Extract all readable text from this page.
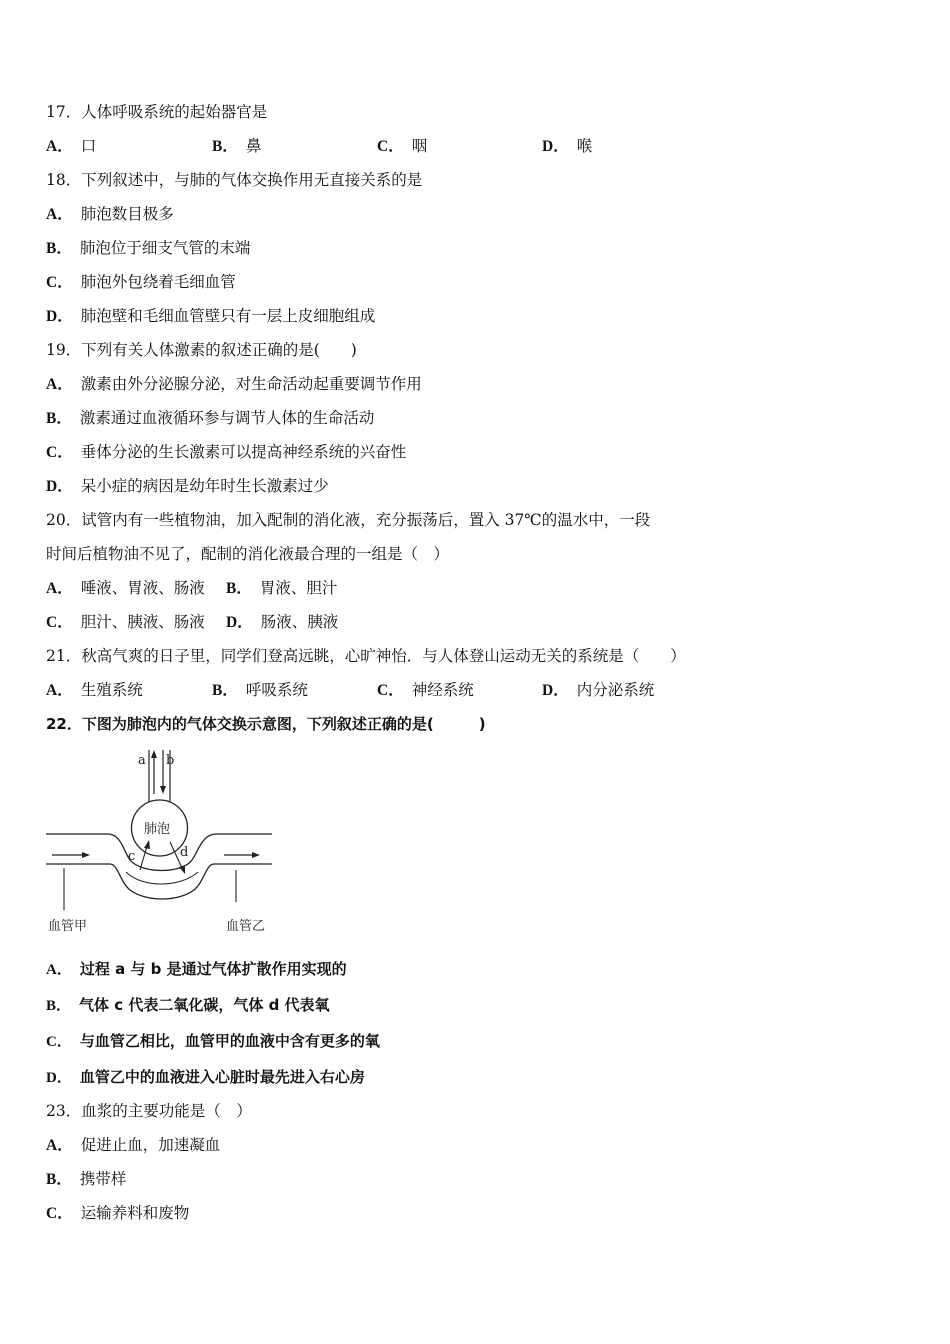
17．人体呼吸系统的起始器官是
A． 口	B． 鼻	C． 咽	D． 喉
18．下列叙述中，与肺的气体交换作用无直接关系的是
A． 肺泡数目极多
B． 肺泡位于细支气管的末端
C． 肺泡外包绕着毛细血管
D． 肺泡壁和毛细血管壁只有一层上皮细胞组成
19．下列有关人体激素的叙述正确的是(　　)
A． 激素由外分泌腺分泌，对生命活动起重要调节作用
B． 激素通过血液循环参与调节人体的生命活动
C． 垂体分泌的生长激素可以提高神经系统的兴奋性
D． 呆小症的病因是幼年时生长激素过少
20．试管内有一些植物油，加入配制的消化液，充分振荡后，置入 37℃的温水中，一段
时间后植物油不见了，配制的消化液最合理的一组是（　）
A． 唾液、胃液、肠液 B． 胃液、胆汁
C． 胆汁、胰液、肠液 D． 肠液、胰液
21．秋高气爽的日子里，同学们登高远眺，心旷神怡．与人体登山运动无关的系统是（　　）
A． 生殖系统	B． 呼吸系统	C． 神经系统	D． 内分泌系统
22．下图为肺泡内的气体交换示意图，下列叙述正确的是(　　　)
a b
肺泡
c	d
血管甲	血管乙
A． 过程 a 与 b 是通过气体扩散作用实现的
B． 气体 c 代表二氧化碳，气体 d 代表氧
C． 与血管乙相比，血管甲的血液中含有更多的氧
D． 血管乙中的血液进入心脏时最先进入右心房
23．血浆的主要功能是（　）
A． 促进止血，加速凝血
B． 携带样
C． 运输养料和废物
